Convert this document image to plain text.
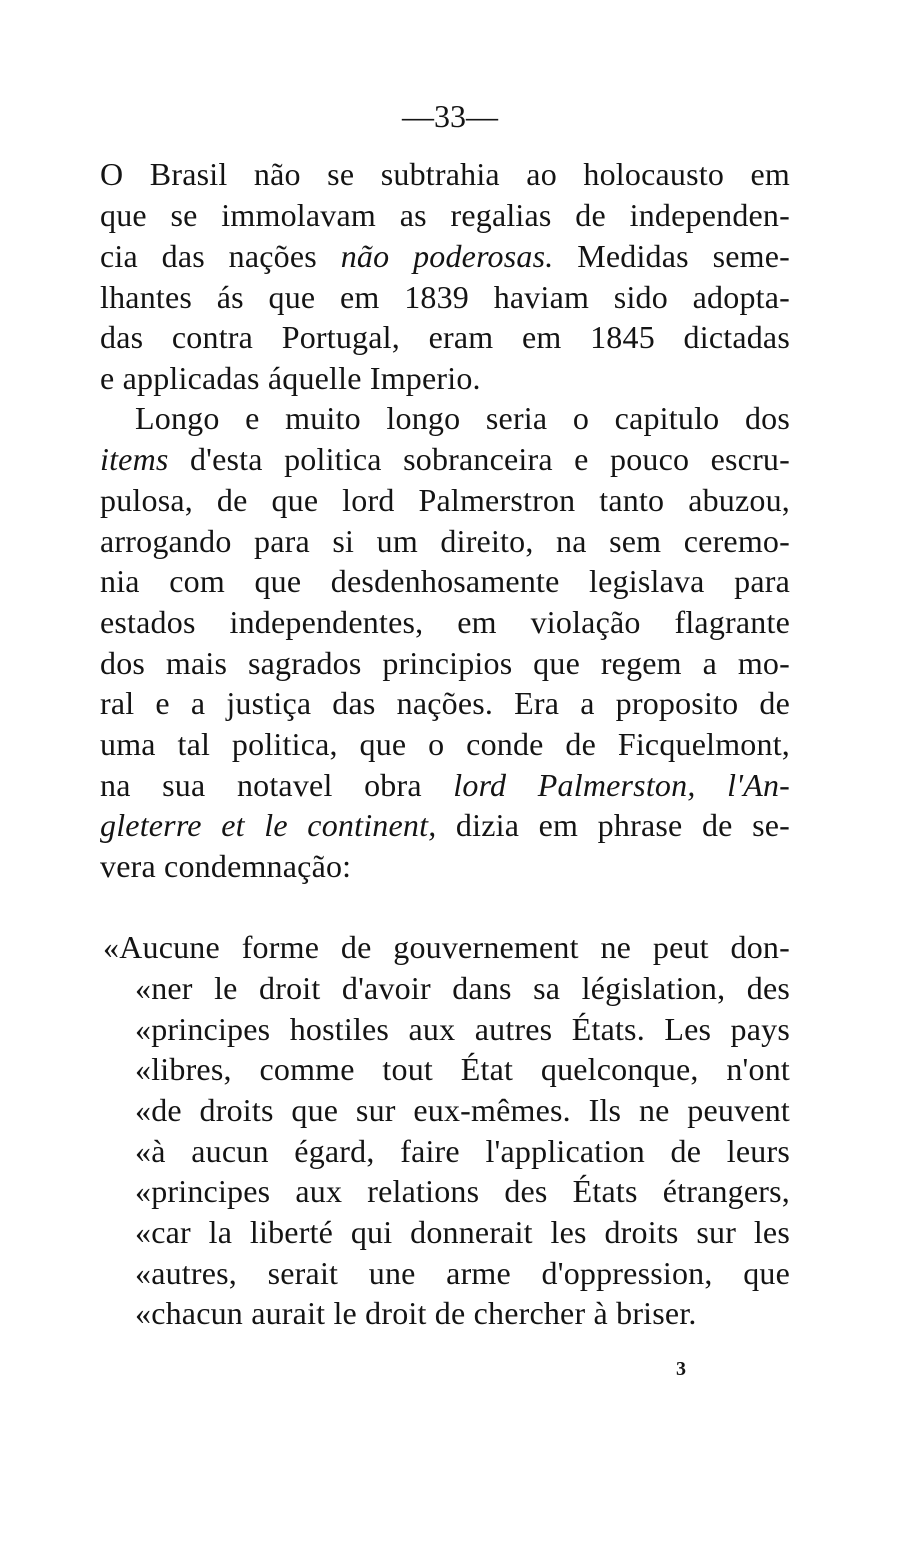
—33—
O Brasil não se subtrahia ao holocausto em
que se immolavam as regalias de independen-
cia das nações não poderosas. Medidas seme-
lhantes ás que em 1839 haviam sido adopta-
das contra Portugal, eram em 1845 dictadas
e applicadas áquelle Imperio.
Longo e muito longo seria o capitulo dos
items d'esta politica sobranceira e pouco escru-
pulosa, de que lord Palmerstron tanto abuzou,
arrogando para si um direito, na sem ceremo-
nia com que desdenhosamente legislava para
estados independentes, em violação flagrante
dos mais sagrados principios que regem a mo-
ral e a justiça das nações. Era a proposito de
uma tal politica, que o conde de Ficquelmont,
na sua notavel obra lord Palmerston, l'An-
gleterre et le continent, dizia em phrase de se-
vera condemnação:
«Aucune forme de gouvernement ne peut don-
«ner le droit d'avoir dans sa législation, des
«principes hostiles aux autres États. Les pays
«libres, comme tout État quelconque, n'ont
«de droits que sur eux-mêmes. Ils ne peuvent
«à aucun égard, faire l'application de leurs
«principes aux relations des États étrangers,
«car la liberté qui donnerait les droits sur les
«autres, serait une arme d'oppression, que
«chacun aurait le droit de chercher à briser.
3
